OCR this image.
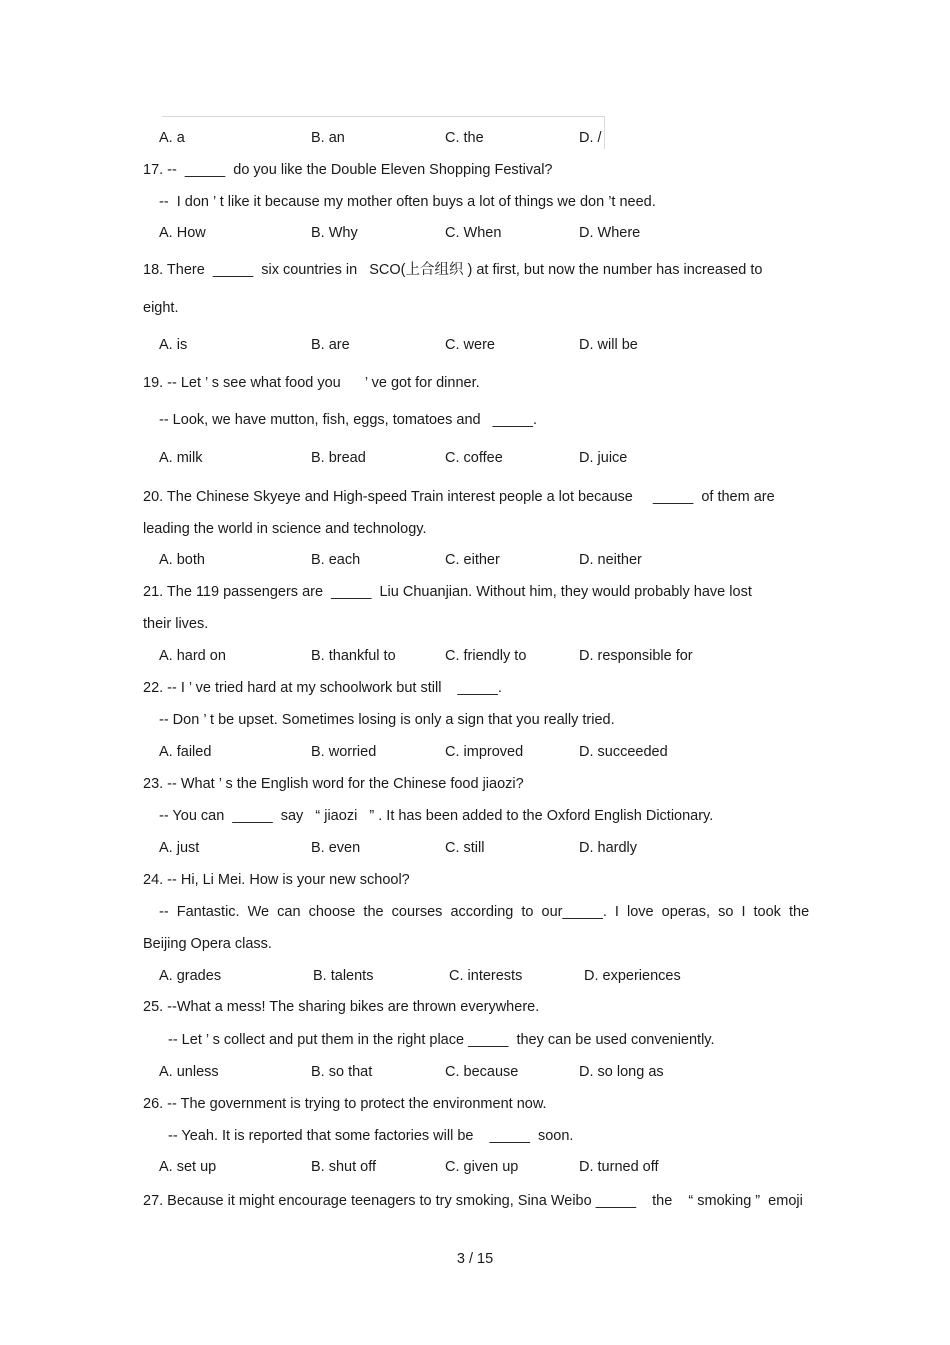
A. a	B. an	C. the	D. /
17. --  _____  do you like the Double Eleven Shopping Festival?
--  I don ’ t like it because my mother often buys a lot of things we don ’t need.
A. How	B. Why	C. When	D. Where
18. There  _____  six countries in   SCO(上合组织 ) at first, but now the number has increased to
eight.
A. is	B. are	C. were	D. will be
19. -- Let ’ s see what food you      ’ ve got for dinner.
-- Look, we have mutton, fish, eggs, tomatoes and   _____.
A. milk	B. bread	C. coffee	D. juice
20. The Chinese Skyeye and High-speed Train interest people a lot because     _____  of them are
leading the world in science and technology.
A. both	B. each	C. either	D. neither
21. The 119 passengers are  _____  Liu Chuanjian. Without him, they would probably have lost
their lives.
A. hard on	B. thankful to	C. friendly to	D. responsible for
22. -- I ’ ve tried hard at my schoolwork but still    _____.
-- Don ’ t be upset. Sometimes losing is only a sign that you really tried.
A. failed	B. worried	C. improved	D. succeeded
23. -- What ’ s the English word for the Chinese food jiaozi?
-- You can  _____  say   “ jiaozi   ” . It has been added to the Oxford English Dictionary.
A. just	B. even	C. still	D. hardly
24. -- Hi, Li Mei. How is your new school?
--  Fantastic.  We  can  choose  the  courses  according  to  our_____.  I  love  operas,  so  I  took  the
Beijing Opera class.
A. grades	B. talents	C. interests	D. experiences
25. --What a mess! The sharing bikes are thrown everywhere.
-- Let ’ s collect and put them in the right place _____  they can be used conveniently.
A. unless	B. so that	C. because	D. so long as
26. -- The government is trying to protect the environment now.
-- Yeah. It is reported that some factories will be    _____  soon.
A. set up	B. shut off	C. given up	D. turned off
27. Because it might encourage teenagers to try smoking, Sina Weibo _____    the    “ smoking ”  emoji
3 / 15
